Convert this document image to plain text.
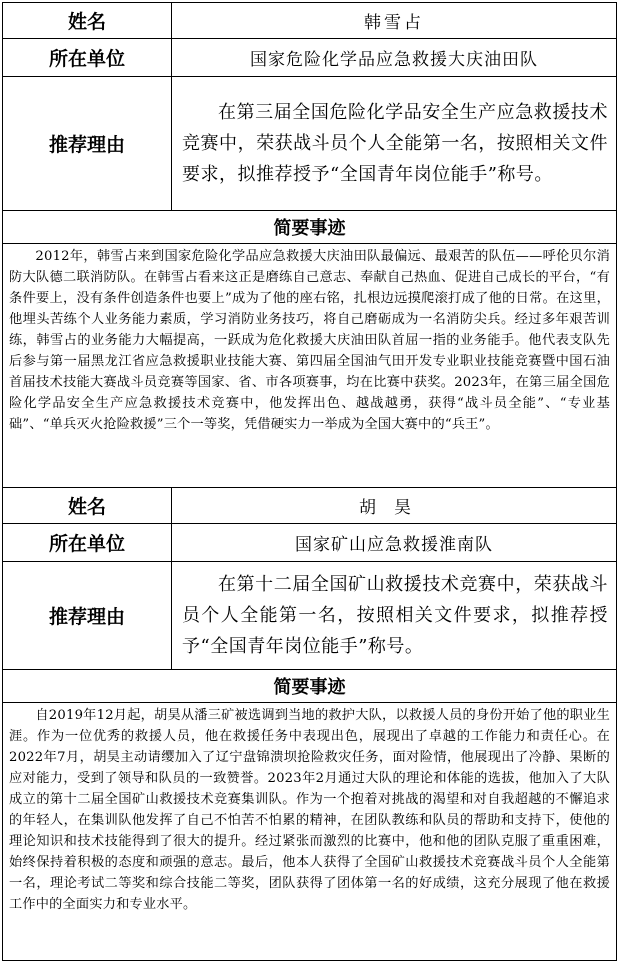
姓名	韩雪占
所在单位	国家危险化学品应急救援大庆油田队
推荐理由	在第三届全国危险化学品安全生产应急救援技术竞赛中，荣获战斗员个人全能第一名，按照相关文件要求，拟推荐授予“全国青年岗位能手”称号。
简要事迹	
2012年，韩雪占来到国家危险化学品应急救援大庆油田队最偏远、最艰苦的队伍——呼伦贝尔消防大队德二联消防队。在韩雪占看来这正是磨练自己意志、奉献自己热血、促进自己成长的平台，“有条件要上，没有条件创造条件也要上”成为了他的座右铭，扎根边远摸爬滚打成了他的日常。在这里，他埋头苦练个人业务能力素质，学习消防业务技巧，将自己磨砺成为一名消防尖兵。经过多年艰苦训练，韩雪占的业务能力大幅提高，一跃成为危化救援大庆油田队首屈一指的业务能手。他代表支队先后参与第一届黑龙江省应急救援职业技能大赛、第四届全国油气田开发专业职业技能竞赛暨中国石油首届技术技能大赛战斗员竞赛等国家、省、市各项赛事，均在比赛中获奖。2023年，在第三届全国危险化学品安全生产应急救援技术竞赛中，他发挥出色、越战越勇，获得“战斗员全能”、“专业基础”、“单兵灭火抢险救援”三个一等奖，凭借硬实力一举成为全国大赛中的“兵王”。	
姓名	胡昊
所在单位	国家矿山应急救援淮南队
推荐理由	在第十二届全国矿山救援技术竞赛中，荣获战斗员个人全能第一名，按照相关文件要求，拟推荐授予“全国青年岗位能手”称号。
简要事迹	
自2019年12月起，胡昊从潘三矿被选调到当地的救护大队，以救援人员的身份开始了他的职业生涯。作为一位优秀的救援人员，他在救援任务中表现出色，展现出了卓越的工作能力和责任心。在2022年7月，胡昊主动请缨加入了辽宁盘锦溃坝抢险救灾任务，面对险情，他展现出了冷静、果断的应对能力，受到了领导和队员的一致赞誉。2023年2月通过大队的理论和体能的选拔，他加入了大队成立的第十二届全国矿山救援技术竞赛集训队。作为一个抱着对挑战的渴望和对自我超越的不懈追求的年轻人，在集训队他发挥了自己不怕苦不怕累的精神，在团队教练和队员的帮助和支持下，使他的理论知识和技术技能得到了很大的提升。经过紧张而激烈的比赛中，他和他的团队克服了重重困难，始终保持着积极的态度和顽强的意志。最后，他本人获得了全国矿山救援技术竞赛战斗员个人全能第一名，理论考试二等奖和综合技能二等奖，团队获得了团体第一名的好成绩，这充分展现了他在救援工作中的全面实力和专业水平。	
